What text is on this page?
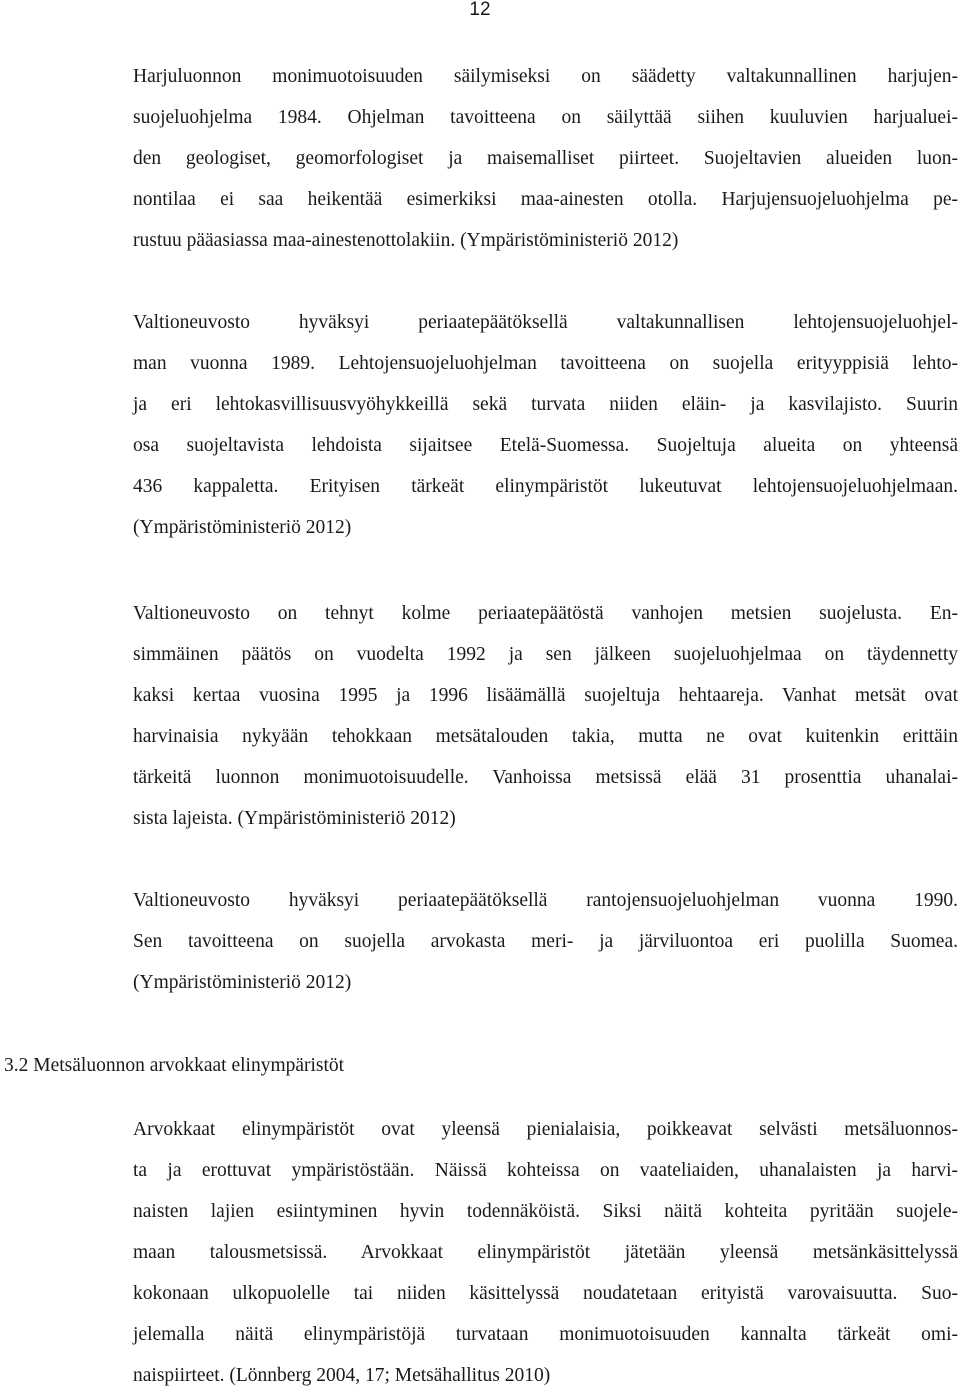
12
Harjuluonnon monimuotoisuuden säilymiseksi on säädetty valtakunnallinen harjujen-
suojeluohjelma 1984. Ohjelman tavoitteena on säilyttää siihen kuuluvien harjualuei-
den geologiset, geomorfologiset ja maisemalliset piirteet. Suojeltavien alueiden luon-
nontilaa ei saa heikentää esimerkiksi maa-ainesten otolla. Harjujensuojeluohjelma pe-
rustuu pääasiassa maa-ainestenottolakiin. (Ympäristöministeriö 2012)
Valtioneuvosto hyväksyi periaatepäätöksellä valtakunnallisen lehtojensuojeluohjel-
man vuonna 1989. Lehtojensuojeluohjelman tavoitteena on suojella erityyppisiä lehto-
ja eri lehtokasvillisuusvyöhykkeillä sekä turvata niiden eläin- ja kasvilajisto. Suurin
osa suojeltavista lehdoista sijaitsee Etelä-Suomessa. Suojeltuja alueita on yhteensä
436 kappaletta. Erityisen tärkeät elinympäristöt lukeutuvat lehtojensuojeluohjelmaan.
(Ympäristöministeriö 2012)
Valtioneuvosto on tehnyt kolme periaatepäätöstä vanhojen metsien suojelusta. En-
simmäinen päätös on vuodelta 1992 ja sen jälkeen suojeluohjelmaa on täydennetty
kaksi kertaa vuosina 1995 ja 1996 lisäämällä suojeltuja hehtaareja. Vanhat metsät ovat
harvinaisia nykyään tehokkaan metsätalouden takia, mutta ne ovat kuitenkin erittäin
tärkeitä luonnon monimuotoisuudelle. Vanhoissa metsissä elää 31 prosenttia uhanalai-
sista lajeista. (Ympäristöministeriö 2012)
Valtioneuvosto hyväksyi periaatepäätöksellä rantojensuojeluohjelman vuonna 1990.
Sen tavoitteena on suojella arvokasta meri- ja järviluontoa eri puolilla Suomea.
(Ympäristöministeriö 2012)
3.2 Metsäluonnon arvokkaat elinympäristöt
Arvokkaat elinympäristöt ovat yleensä pienialaisia, poikkeavat selvästi metsäluonnos-
ta ja erottuvat ympäristöstään. Näissä kohteissa on vaateliaiden, uhanalaisten ja harvi-
naisten lajien esiintyminen hyvin todennäköistä. Siksi näitä kohteita pyritään suojele-
maan talousmetsissä. Arvokkaat elinympäristöt jätetään yleensä metsänkäsittelyssä
kokonaan ulkopuolelle tai niiden käsittelyssä noudatetaan erityistä varovaisuutta. Suo-
jelemalla näitä elinympäristöjä turvataan monimuotoisuuden kannalta tärkeät omi-
naispiirteet. (Lönnberg 2004, 17; Metsähallitus 2010)
